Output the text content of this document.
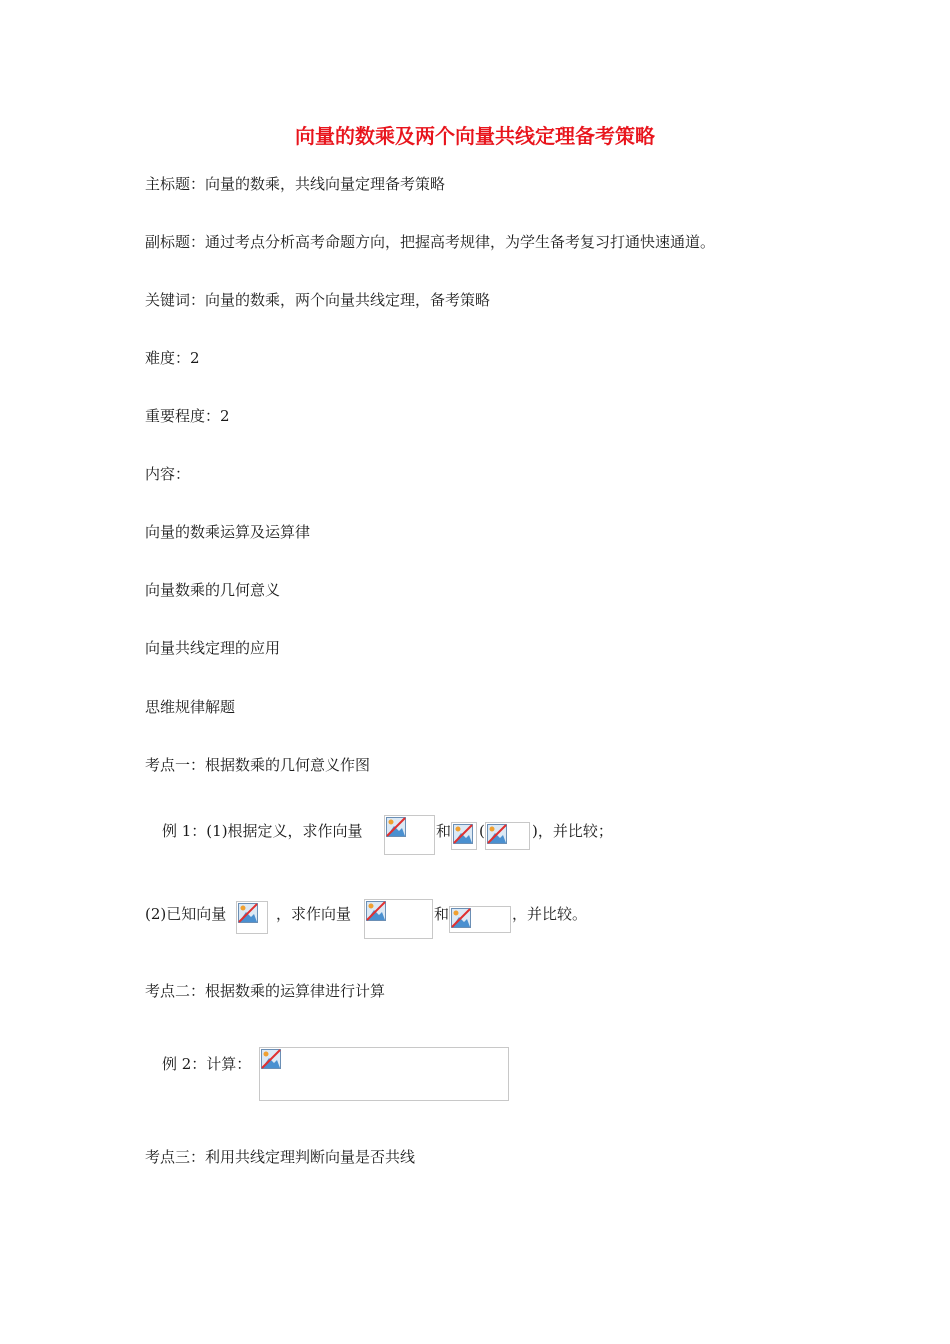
向量的数乘及两个向量共线定理备考策略
主标题：向量的数乘，共线向量定理备考策略
副标题：通过考点分析高考命题方向，把握高考规律，为学生备考复习打通快速通道。
关键词：向量的数乘，两个向量共线定理，备考策略
难度：2
重要程度：2
内容：
向量的数乘运算及运算律
向量数乘的几何意义
向量共线定理的应用
思维规律解题
考点一：根据数乘的几何意义作图
例 1：(1)根据定义，求作向量	和 (	)，并比较；
(2)已知向量	，求作向量	和	，并比较。
考点二：根据数乘的运算律进行计算
例 2：计算：
考点三：利用共线定理判断向量是否共线
